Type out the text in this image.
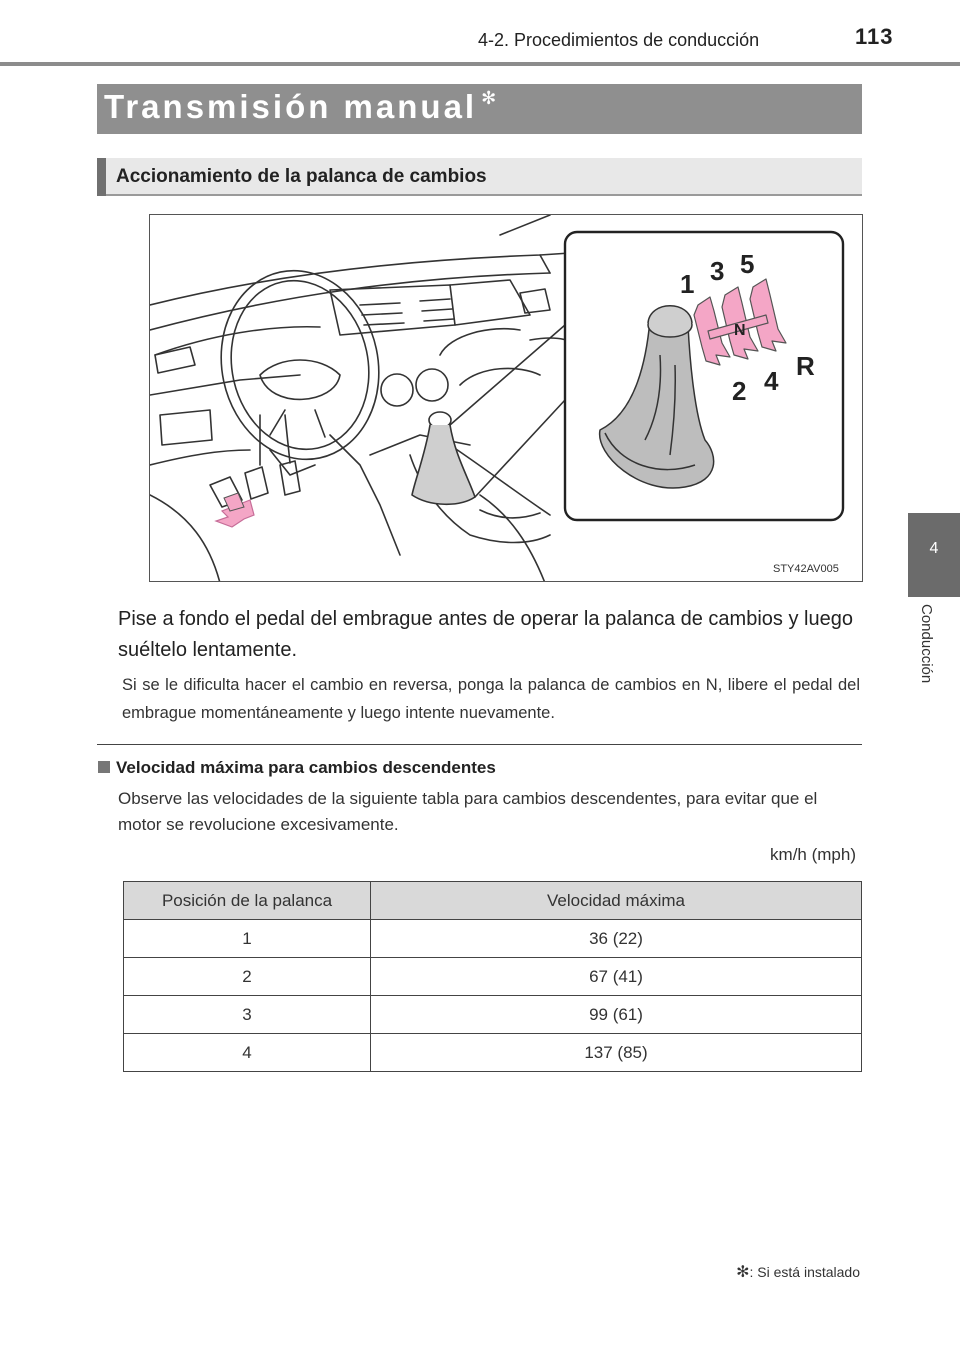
4-2. Procedimientos de conducción	113
4
Conducción
Transmisión manual ✻
Accionamiento de la palanca de cambios
1 3 5
2 4 R
N
STY42AV005
Pise a fondo el pedal del embrague antes de operar la palanca de cambios y luego suéltelo lentamente.
Si se le dificulta hacer el cambio en reversa, ponga la palanca de cambios en N, libere el pedal del embrague momentáneamente y luego intente nuevamente.
Velocidad máxima para cambios descendentes
Observe las velocidades de la siguiente tabla para cambios descendentes, para evitar que el motor se revolucione excesivamente.
km/h (mph)
Posición de la palanca	Velocidad máxima
1	36 (22)
2	67 (41)
3	99 (61)
4	137 (85)
✻: Si está instalado
